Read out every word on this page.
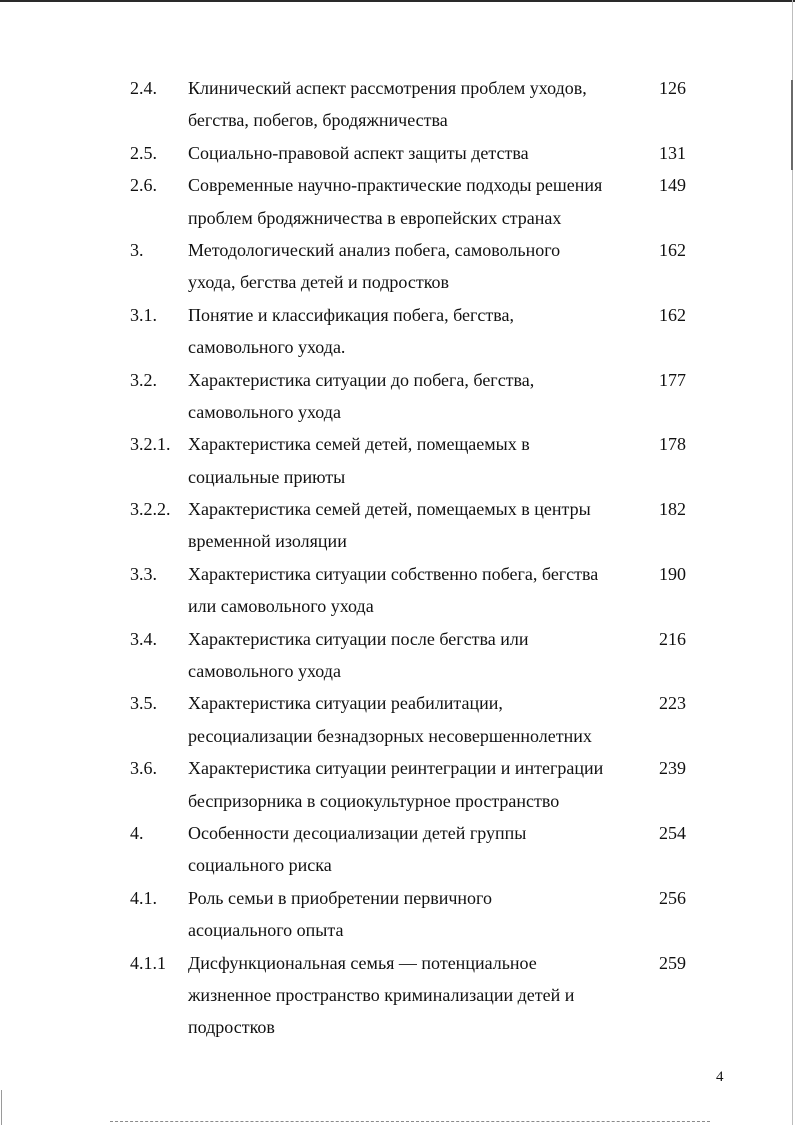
2.4. Клинический аспект рассмотрения проблем уходов,	126
бегства, побегов, бродяжничества
2.5. Социально-правовой аспект защиты детства	131
2.6. Современные научно-практические подходы решения	149
проблем бродяжничества в европейских странах
3. Методологический анализ побега, самовольного	162
ухода, бегства детей и подростков
3.1. Понятие и классификация побега, бегства,	162
самовольного ухода.
3.2. Характеристика ситуации до побега, бегства,	177
самовольного ухода
3.2.1. Характеристика семей детей, помещаемых в	178
социальные приюты
3.2.2. Характеристика семей детей, помещаемых в центры	182
временной изоляции
3.3. Характеристика ситуации собственно побега, бегства	190
или самовольного ухода
3.4. Характеристика ситуации после бегства или	216
самовольного ухода
3.5. Характеристика ситуации реабилитации,	223
ресоциализации безнадзорных несовершеннолетних
3.6. Характеристика ситуации реинтеграции и интеграции	239
беспризорника в социокультурное пространство
4. Особенности десоциализации детей группы	254
социального риска
4.1. Роль семьи в приобретении первичного	256
асоциального опыта
4.1.1 Дисфункциональная семья — потенциальное	259
жизненное пространство криминализации детей и
подростков
4
